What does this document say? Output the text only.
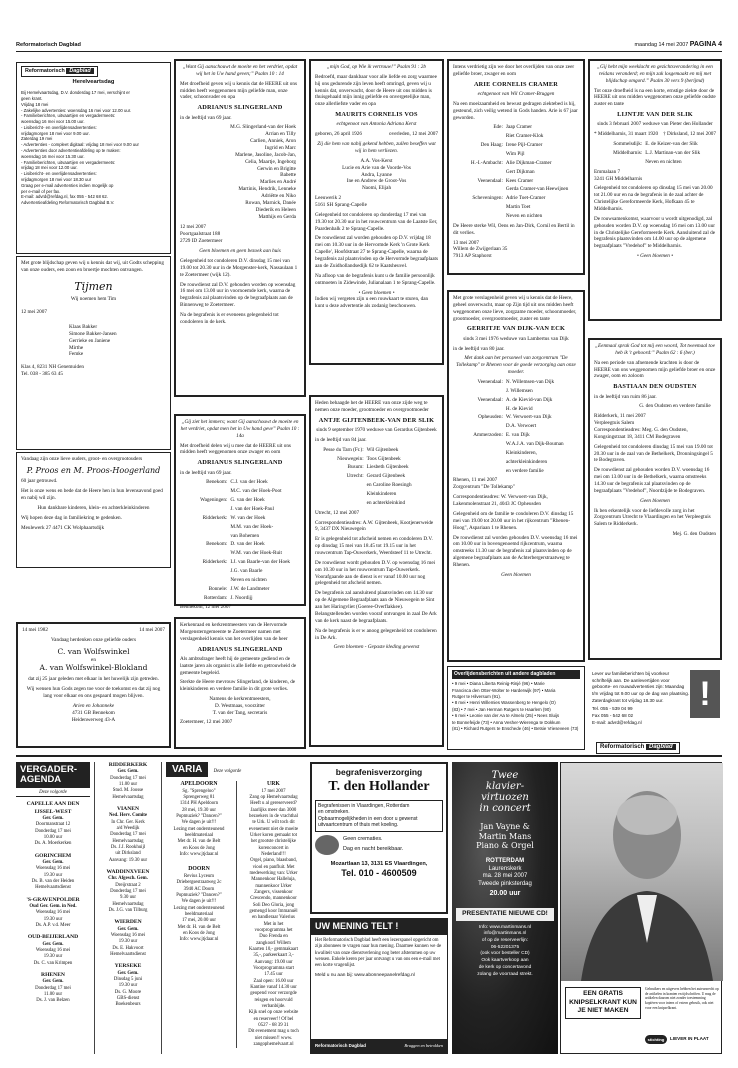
Reformatorisch Dagblad	maandag 14 mei 2007 PAGINA 4
Reformatorisch Dagblad
Herelveartsdag
Bij Hemelvaartsdag, D.V. donderdag 17 mei, verschijnt er
geen krant.
Vrijdag 18 mei
- Zakelijke advertenties: woensdag 16 mei voor 12.00 uur.
- Familieberichten, uitvaartijen en vergadermeets:
woensdag 16 mei voor 15.00 uur.
- Lisibericht- en overlijdensadvertenties:
vrijdagmorgen 18 mei voor 9.00 uur.
Zaterdag 19 mei
- Advertenties - compleet digitaal: vrijdag 18 mei voor 9.00 uur
- Advertenties door advertentieafdeling op te maken:
woensdag 16 mei voor 15.30 uur.
- Familieberichten, uitvaartijen en vergadermeets:
vrijdag 18 mei voor 12.00 uur.
- Lisibericht- en overlijdensadvertenties:
vrijdagmorgen 18 mei voor 18.30 uur
Graag per e-mail advertenties indien mogelijk op
per e-mail of per fax.
E-mail: advrd@refdag.nl, fax 055 - 542 68 62.
Advertentieafdeling Reformatorisch Dagblad B.V.

Met grote blijdschap geven wij u kennis dat wij, uit Godts schepping van onze ouders, een zoon en broertje mochten ontvangen.

Tijmen
Wij noemen hem Tim
12 mei 2007
Klaas Bakker
Simone Bakker-Jansen
Gerrieke en Janiene
Mirthe
Femke
Klas 4, 8231 NH Genemuiden
Tel. 038 - 385 63 45

Vandaag zijn onze lieve ouders, groot- en overgrootouders

P. Proos en M. Proos-Hoogerland

60 jaar getrouwd.

Het is onze wens en bede dat de Heere hen in hun levensavond goed en nabij wil zijn.

Hun dankbare kinderen, klein- en achterkleinkinderen

Wij hopen deze dag in familiekring te gedenken.

Meulewerk 27 4471 CK Wolphaartsdijk
14 mei 1982	14 mei 2007
Vandaag herdenken onze geliefde ouders
C. van Wolfswinkel
en
A. van Wolfswinkel-Blokland
dat zij 25 jaar geleden met elkaar in het huwelijk zijn getreden.
Wij wensen hun Gods zegen toe voor de toekomst en dat zij nog lang voor elkaar en ons gespaard mogen blijven.
Arien en Johanneke
4731 GB Bennekom
Heidenwerweg 43-A
„Want Gij aanschouwt de moeite en het verdriet, opdat wij het in Uw hand geven;” Psalm 10 : 14

Met droefheid geven wij u kennis dat de HEERE uit ons midden heeft weggenomen mijn geliefde man, onze vader, schoonvader en opa

ADRIANUS SLINGERLAND

in de leeftijd van 69 jaar.

M.G. Slingerland-van der Hoek
Arrian en Tilly
Carlien, Anniek, Aron
Ingrid en Marc
Marlene, Jasoline, Jacob-Jan,
Celia, Maartje, Ingeborg
Gerwin en Brigitte
Babette
Marlies en André
Martinis, Hendrik, Lenneke
Adriëtte en Niko
Rowan, Marnick, Danée
Diederik en Heleen
Matthijs en Gerda
12 mei 2007
Poortgaalstraat 188
2729 ID Zoetermeer
Geen bloemen en geen bezoek aan huis

Gelegenheid tot condoleren D.V. dinsdag 15 mei van 19.00 tot 20.30 uur in de Morgenster-kerk, Nassaulaan 1 te Zoetermeer (wijk 12).

De rouwdienst zal D.V. gehouden worden op woensdag 16 mei om 13.00 uur in voornoemde kerk, waarna de begrafenis zal plaatsvinden op de begraafplaats aan de Binnenweg te Zoetermeer.

Na de begrafenis is er eveneens gelegenheid tot condoleren in de kerk.

„Gij ziet het immers; want Gij aanschouwt de moeite en het verdriet, opdat men het in Uw hand geve” Psalm 10 : 14a

Met droefheid delen wij u mee dat de HEERE uit ons midden heeft weggenomen onze zwager en oom

ADRIANUS SLINGERLAND

in de leeftijd van 69 jaar.

Benekom: C.J. van der Hoek
M.C. van der Hoek-Poot
Wageningen: G. van der Hoek
J. van der Hoek-Paul
Ridderkerk: W. van der Hoek
M.M. van der Hoek-
van Bohemen
Benekom: D. van der Hoek
W.M. van der Hoek-Ruit
Ridderkerk: I.J. van Baarle-van der Hoek
J.G. van Baarle
Neven en nichten
Bonnele: J.W. de Landmeter
Rotterdam: J. Noordijj
Bennekom, 12 mei 2007

Kerkenraad en kerkrentmeesters van de Hervormde Morgensterngemeente te Zoetermeer namen met verslagenheid kennis van het overlijden van de heer

ADRIANUS SLINGERLAND

Als ambtsdrager heeft hij de gemeente gediend en de laatste jaren als organist is alle liefde en getrouwheid de gemeente begeleid.

Sterkte de Heere mevrouw Slingerland, de kinderen, de kleinkinderen en verdere familie in dit grote verlies.

Namens de kerkrentmeesters,
D. Westmaas, voorzitter
T. van der Tang, secretaris
Zoetermeer, 12 mei 2007
„mijn God, op Wie ik vertrouw!” Psalm 91 : 2b

Bedroefd, maar dankbaar voor alle liefde en zorg waarmee hij ons gedurende zijn leven heeft omringd, geven wij u kennis dat, onverwacht, door de Heere uit ons midden is thuisgehaald mijn innig geliefde en onvergetelijke man, onze allerliefste vader en opa

MAURITS CORNELIS VOS
echtgenoot van Antonia Adriana Kerst
geboren, 26 april 1926	overleden, 12 mei 2007
Zij die hem van nabij gekend hebben, zullen beseffen wat wij in hem verliezen.
A.A. Vos-Kerst
Lucie en Arie van de Voorde-Vos
Andra, Lyanne
Ine en Andrew de Groot-Vos
Naomi, Elijah
Leeuwerik 2
5161 SH Sprang-Capelle

Gelegenheid tot condoleren op donderdag 17 mei van 19.30 tot 20.30 uur in het rouwcentrum van de Laatste Eer, Paardenbalk 2 te Sprang-Capelle.

De rouwdienst zal worden gehouden op D.V. vrijdag 18 mei om 10.30 uur in de Hervormde Kerk 'n Grote Kerk Capelle', Hoofdstraat 27 te Sprang-Capelle, waarna de begrafenis zal plaatsvinden op de Hervormde begraafplaats aan de Zuidhollandsedijk 62 te Kaatsheuvel.

Na afloop van de begrafenis kunt u de familie persoonlijk ontmoeten in Zidewinde, Julianalaan 1 te Sprang-Capelle.

• Geen bloemen •

Indien wij vergeten zijn u een rouwkaart te sturen, dan kunt u deze advertentie als zodanig beschouwen.

Heden behaagde het de HEERE van onze zijde weg te nemen onze moeder, grootmoeder en overgrootmoeder

ANTJE GIJTENBEEK-VAN DER SLIK
sinds 9 september 1970 weduwe van Gerardus Gijtenbeek

in de leeftijd van 84 jaar.

Pesse du Tarn (Fr.): Wil Gijtenbeek
Nieuwegein: Toos Gijtenbeek
Busum: Liesbeth Gijtenbeek
Utrecht: Gerard Gijtenbeek
en Caroline Roesingh
Kleinkinderen
en achterkleinkind
Utrecht, 12 mei 2007

Correspondentieadres: A.W. Gijtenbeek, Kootjenerweide 9, 3437 DX Nieuwegein

Er is gelegenheid tot afscheid nemen en condoleren D.V. op dinsdag 15 mei van 18.45 tot 19.15 uur in het rouwcentrum Tap-Ouwerkerk, Weerdsteef 11 te Utrecht.

De rouwdienst wordt gehouden D.V. op woensdag 16 mei om 10.30 uur in het rouwcentrum Tap-Ouwerkerk. Voorafgaande aan de dienst is er vanaf 10.00 uur nog gelegenheid tot afscheid nemen.

De begrafenis zal aansluitend plaatsvinden om 14.30 uur op de Algemene Begraafplaats aan de Nieuwegein te Sint aan het Haringvliet (Goeree-Overflakkee). Belangstellenden worden vooraf ontvangen in zaal De Ark van de kerk naast de begraafplaats.

Na de begrafenis is er w anoog gelegenheid tot condoleren in De Ark.

Geen bloemen - Gepaste kleding gewenst

Intens verdrietig zijn we door het overlijden van onze zeer geliefde broer, zwager en oom

ARIE CORNELIS CRAMER
echtgenoot van Wil Cramer-Bruggen

Na een moeizaamheid en bewust gedragen ziektebed is hij, gesteund, zich veilig wetend in Gods handen. Arie is 67 jaar geworden.

Ede: Jaap Cramer
Riet Cramer-Klok
Den Haag: Irene Pijl-Cramer
Wim Pijl
H.-I.-Ambacht: Alie Dijkman-Cramer
Gert Dijkman
Veenendaal: Kees Cramer
Gerda Cramer-van Heewijnen
Scheveningen: Adrie Toet-Cramer
Martin Toet
Neven en nichten

De Heere sterke Wil, Oens en Jan-Dirk, Cornil en Bertil in dit verlies.

13 mei 2007
Willem de Zwijgerlaan 35
7913 AP Staphorst

Met grote verslagenheid geven wij u kennis dat de Heere, geheel onverwacht, maar op Zijn tijd uit ons midden heeft weggenomen onze lieve, zorgzame moeder, schoonmoeder, grootmoeder, overgrootmoeder, zuster en tante

GERRITJE VAN DIJK-VAN ECK
sinds 3 mei 1976 weduwe van Lambertus van Dijk

in de leeftijd van 80 jaar.

Met dank aan het personeel van zorgcentrum "De Tollekamp" te Rhenen voor de goede verzorging aan onze moeder.
Veenendaal: N. Willemsen-van Dijk
J. Willemsen
Veenendaal: A. de Kievid-van Dijk
H. de Kievid
Opheusden: W. Verwoert-van Dijk
D.A. Verwoert
Ammerzoden: E. van Dijk
W.A.J.A. van Dijk-Bouman
Kleinkinderen,
achterkleinkinderen
en verdere familie
Rhenen, 11 mei 2007
Zorgcentrum "De Tollekamp"

Correspondentieadres: W. Verwoert-van Dijk, Lakenmolenstraat 21, 4043 JC Opheusden

Gelegenheid om de familie te condoleren D.V. dinsdag 15 mei van 19.00 tot 20.00 uur in het rijkcentrum "Rhenen-Hoog", Aspariaan 1 te Rhenen.

De rouwdienst zal worden gehouden D.V. woensdag 16 mei om 10.00 uur in bovengenoemd rijkcentrum, waarna omstreeks 11.30 uur de begrafenis zal plaatsvinden op de algemene begraafplaats aan de Achterbergerstraatweg te Rhenen.

Geen bloemen
„Gij hebt mijn weeklacht en gezichtsverandering in een reidans veranderd; en mijn zak losgemaakt en mij met blijdschap omgord.” Psalm 30 vers 9 (berijmd)

Tot onze droefheid is na een korte, ernstige ziekte door de HEERE uit ons midden weggenomen onze geliefde oudste zuster en tante

LIJNTJE VAN DER SLIK
sinds 3 februari 2007 weduwe van Pieter den Hollander
* Middelharnis, 31 maart 1920 † Dirksland, 12 mei 2007
Sommelsdijk: E. de Keizer-van der Slik
Middelharnis: L.J. Martinan-van der Slik
Neven en nichten
Emmalaan 7
3241 GH Middelharnis

Gelegenheid tot condoleren op dinsdag 15 mei van 20.00 tot 21.00 uur en na de begrafenis in de zaal achter de Christelijke Gereformeerde Kerk, Hofkaan 45 te Middelharnis.

De rouwsamenkomst, waarvoor u wordt uitgenodigd, zal gehouden worden D.V. op woensdag 16 mei om 13.00 uur in de Christelijke Gereformeerde Kerk. Aansluitend zal de begrafenis plaatsvinden om 14.00 uur op de algemene begraafplaats "Vredehof" te Middelharnis.

• Geen bloemen •
„Eenmaal sprak God tot mij een woord, Tot tweemaal toe heb ik 't gehoord:” Psalm 62 : 6 (ber.)

Na een periode van afnemende krachten is door de HEERE van ons weggenomen mijn geliefde broer en onze zwager, oom en zoloom

BASTIAAN DEN OUDSTEN

in de leeftijd van ruim 86 jaar.

G. den Oudsten en verdere familie
Ridderkerk, 11 mei 2007
Verpleegtuis Salem

Correspondentieadres: Meg. G. den Oudsten, Kongsingstraat 18, 3411 CM Bodegraven

Gelegenheid tot condoleren dinsdag 15 mei van 19.00 tot 20.30 uur in de zaal van de Bethelkerk, Dronningsingel 5 te Bodegraven.

De rouwdienst zal gehouden worden D.V. woensdag 16 mei om 13.00 uur in de Bethelkerk, waarna omstreeks 14.30 uur de begrafenis zal plaatsvinden op de begraafplaats "Vredehof", Noordzijde te Bodegraven.

Geen bloemen

Ik ben erkentelijk voor de liefdevolle zorg in het Zorgcentrum Utrecht te Vlaardingen en het Verpleegtuis Salem te Ridderkerk.

Mej. G. den Oudsten
Overlijdensberichten uit andere dagbladen
• 9 mei • Diana Liberta Reinig-Rinjé (96) • Marie
Francisca den Otter-Wolter te Harderwijk (97) • Maria
Rutger te Hilversum (91).
• 8 mei • Henri Willemies Wassenberg te Hengelo (O)
(83) • 7 mei • Jan Herman Rutgers te Haarlem (90)
• 6 mei • Leonie van der Aa te Almelo (25) • Nees Sluijs
te Bonnefeijde (73) • Anna Vesher-Wierenga te Dokkum
(81) • Richard Rutgers te Enschede (46) • Betsie Vrieseveen (73)
!
Lever uw familieberichten bij voorkeur schriftelijk aan. De aanlevertijden voor geboorte- en rouwadvertenties zijn: Maandag t/m vrijdag tot 9.00 uur op de dag van plaatsing. Zaterdagkrant tot vrijdag 18.30 uur.
Tel. 055 - 539 04 99
Fax 055 - 542 68 02
E-mail: advrd@refdag.nl
Reformatorisch Dagblad
VERGADER-AGENDA
Deze volgorde
CAPELLE AAN DEN IJSSEL-WEST
Ger. Gem.
Doormanstraat 12
Donderdag 17 mei
10.00 uur
Ds. A. Moerkerken
GORINCHEM
Ger. Gem.
Woensdag 16 mei
19.30 uur
Ds. B. van der Heiden
Hemelvaartsdienst
'S-GRAVENPOLDER
Oud Ger. Gem. in Ned.
Woensdag 16 mei
19.30 uur
Ds. A.P. v.d. Meer
OUD-BEIJERLAND
Ger. Gem.
Woensdag 16 mei
19.30 uur
Ds. C. van Krimpen
RHENEN
Ger. Gem.
Donderdag 17 mei
11.00 uur
Ds. J. van Belzen
RIDDERKERK
Ger. Gem.
Donderdag 17 mei
11.00 uur
Stud. M. Joosse
Hemelvaartsdag
VIANEN
Ned. Herv. Comite
In Chr. Ger. Kerk
a/d Weedijk
Donderdag 17 mei
Hemelvaartsdag
Ds. J.J. Rookhuijl
uit Dirksland
Aanvang: 19.30 uur
WADDINXVEEN
Chr. Afgesch. Gem.
Dreijrstraat 2
Donderdag 17 mei
9.30 uur
Hemelvaartsdag
Ds. J.G. van Tilburg
WIERDEN
Ger. Gem.
Woensdag 16 mei
19.30 uur
Ds. E. Hakvoort
Hemelvaartsdienst
YERSEKE
Ger. Gem.
Dinsdag 5 juni
19.30 uur
Ds. G. Moore
GBS-dienst
Boekenbeurs
VARIA Deze volgorde
APELDOORN
Sg. "Sprengeloo"
Sprengerweg 81
1314 PH Apeldoorn
28 mei, 19.30 uur
Popmuziek? "Dancen?"
We dagen je uit!!!
Lezing met ondersteunend
beeldmateriaal
Met dr. H. van de Belt
en Koos de Jong
Info: www.jtjdaar.nl
DOORN
Revius Lyceum
Driebergsestraatweg 2c
3940 AC Doorn
Popmuziek? "Dancen?"
We dagen je uit!!!
Lezing met ondersteunend beeldmateriaal
17 mei, 20.00 uur
Met dr. H. van de Belt
en Koos de Jong
Info: www.jtjdaar.nl
URK
17 mei 2007
Zang op Hemelvaartsdag
Heeft u al gereserveerd?
Jaarlijks meer dan 3000
bezoekers in de vrachthal
te Urk. U wilt toch dit
evenement niet de moeite
Urker koren gemaakt tot
het grootste christelijke
korenconcert in
Nederland!!!
Orgel, piano, blaasband,
viool en panfluit. Met
medewerking van: Urker
Mannenkoor Halleluja,
mannenkoor Urker
Zangers, vissenkoor
Crescendo, mannenkoor
Soli Deo Gloria, jong
gemengd koor Immanuël
en bandleraar Valerius
Met in het
voorprogramma het
Duo Frenda en
zangkoorI Willem
Kaarten 10,- gemmakaart
35,-, parkeerkaart 3,-
Aanvang: 19.00 uur
Voorprogramma start
17.45 uur
Zaal open: 16.00 uur
Kantine vanaf 14.30 uur
geopend voor verzorgde
reisgen en hoorvuld
verbanbijde.
Kijk snel op onze website
en reserveer!! Of bel
0527 - 68 39 31
Dit evenement mag u toch
niet missen!! www.
zangophemelvaart.nl
begrafenisverzorging
T. den Hollander
Begrafenissen in Vlaardingen, Rotterdam
en omstreken.
Opbaarmogelijkheden in een door u gewenst
uitvaartcentrum of thuis met koeling.
Geen crematies.
Dag en nacht bereikbaar.
Mozartlaan 13, 3131 ES Vlaardingen,
Tel. 010 - 4600509
UW MENING TELT !
Het Reformatorisch Dagblad heeft een lezerspanel opgericht om zijn abonnees te vragen naar hun mening. Daarmee kunnen we de kwaliteit van onze dienstverlening nog beter afstemmen op uw wensen. Enkele keren per jaar ontvangt u van ons een e-mail met een korte vragenlijst.
Meld u nu aan bij: www.abonneepanelrefdag.nl
Reformatorisch Dagblad	Bruggen en betrokken
Twee
klavier-
virtuozen
in concert
Jan Vayne &
Martin Mans
Piano & Orgel
ROTTERDAM
Laurenskerk
ma. 28 mei 2007
Tweede pinksterdag
20.00 uur
PRESENTATIE NIEUWE CD!
Info: www.martinmans.nl
info@martinmans.nl
of op de reserveerlijn:
06-52201375
(ook voor besteller CD)
Ook kaartverkoop aan
de kerk op concertavond
zolang de voorraad strekt.
EEN GRATIS
KNIPSELKRANT KUN
JE NIET MAKEN
Gebruikers en uitgevers hebben het auteursrecht op de artikelen in kranten en tijdschriften. U mag de artikelen daarom niet zonder toestemming kopiëren voor intern of extern gebruik, ook niet voor een knipselkrant.
stichting PRO
LIEVER IN PLAAT
